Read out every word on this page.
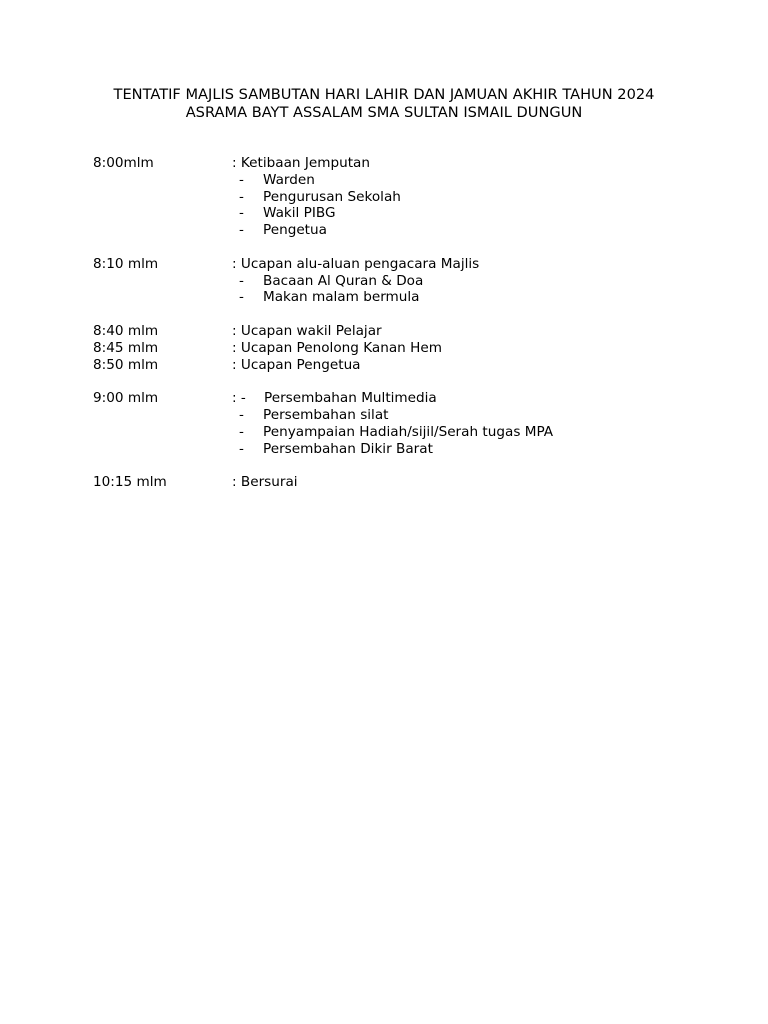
TENTATIF MAJLIS SAMBUTAN HARI LAHIR DAN JAMUAN AKHIR TAHUN 2024
ASRAMA BAYT ASSALAM SMA SULTAN ISMAIL DUNGUN
8:00mlm	: Ketibaan Jemputan
- Warden
- Pengurusan Sekolah
- Wakil PIBG
- Pengetua
8:10 mlm	: Ucapan alu-aluan pengacara Majlis
- Bacaan Al Quran & Doa
- Makan malam bermula
8:40 mlm	: Ucapan wakil Pelajar
8:45 mlm	: Ucapan Penolong Kanan Hem
8:50 mlm	: Ucapan Pengetua
9:00 mlm	: - Persembahan Multimedia
- Persembahan silat
- Penyampaian Hadiah/sijil/Serah tugas MPA
- Persembahan Dikir Barat
10:15 mlm	: Bersurai
